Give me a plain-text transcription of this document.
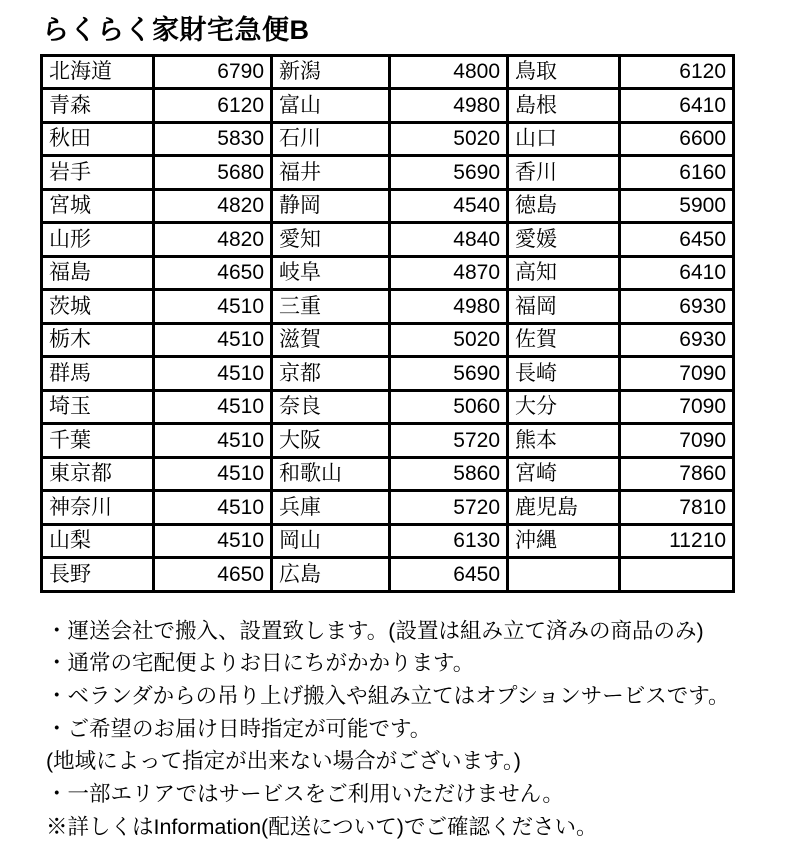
らくらく家財宅急便B
北海道	6790	新潟	4800	鳥取	6120
青森	6120	富山	4980	島根	6410
秋田	5830	石川	5020	山口	6600
岩手	5680	福井	5690	香川	6160
宮城	4820	静岡	4540	徳島	5900
山形	4820	愛知	4840	愛媛	6450
福島	4650	岐阜	4870	高知	6410
茨城	4510	三重	4980	福岡	6930
栃木	4510	滋賀	5020	佐賀	6930
群馬	4510	京都	5690	長崎	7090
埼玉	4510	奈良	5060	大分	7090
千葉	4510	大阪	5720	熊本	7090
東京都	4510	和歌山	5860	宮崎	7860
神奈川	4510	兵庫	5720	鹿児島	7810
山梨	4510	岡山	6130	沖縄	11210
長野	4650	広島	6450		
・運送会社で搬入、設置致します。(設置は組み立て済みの商品のみ)
・通常の宅配便よりお日にちがかかります。
・ベランダからの吊り上げ搬入や組み立てはオプションサービスです。
・ご希望のお届け日時指定が可能です。
(地域によって指定が出来ない場合がございます。)
・一部エリアではサービスをご利用いただけません。
※詳しくはInformation(配送について)でご確認ください。
